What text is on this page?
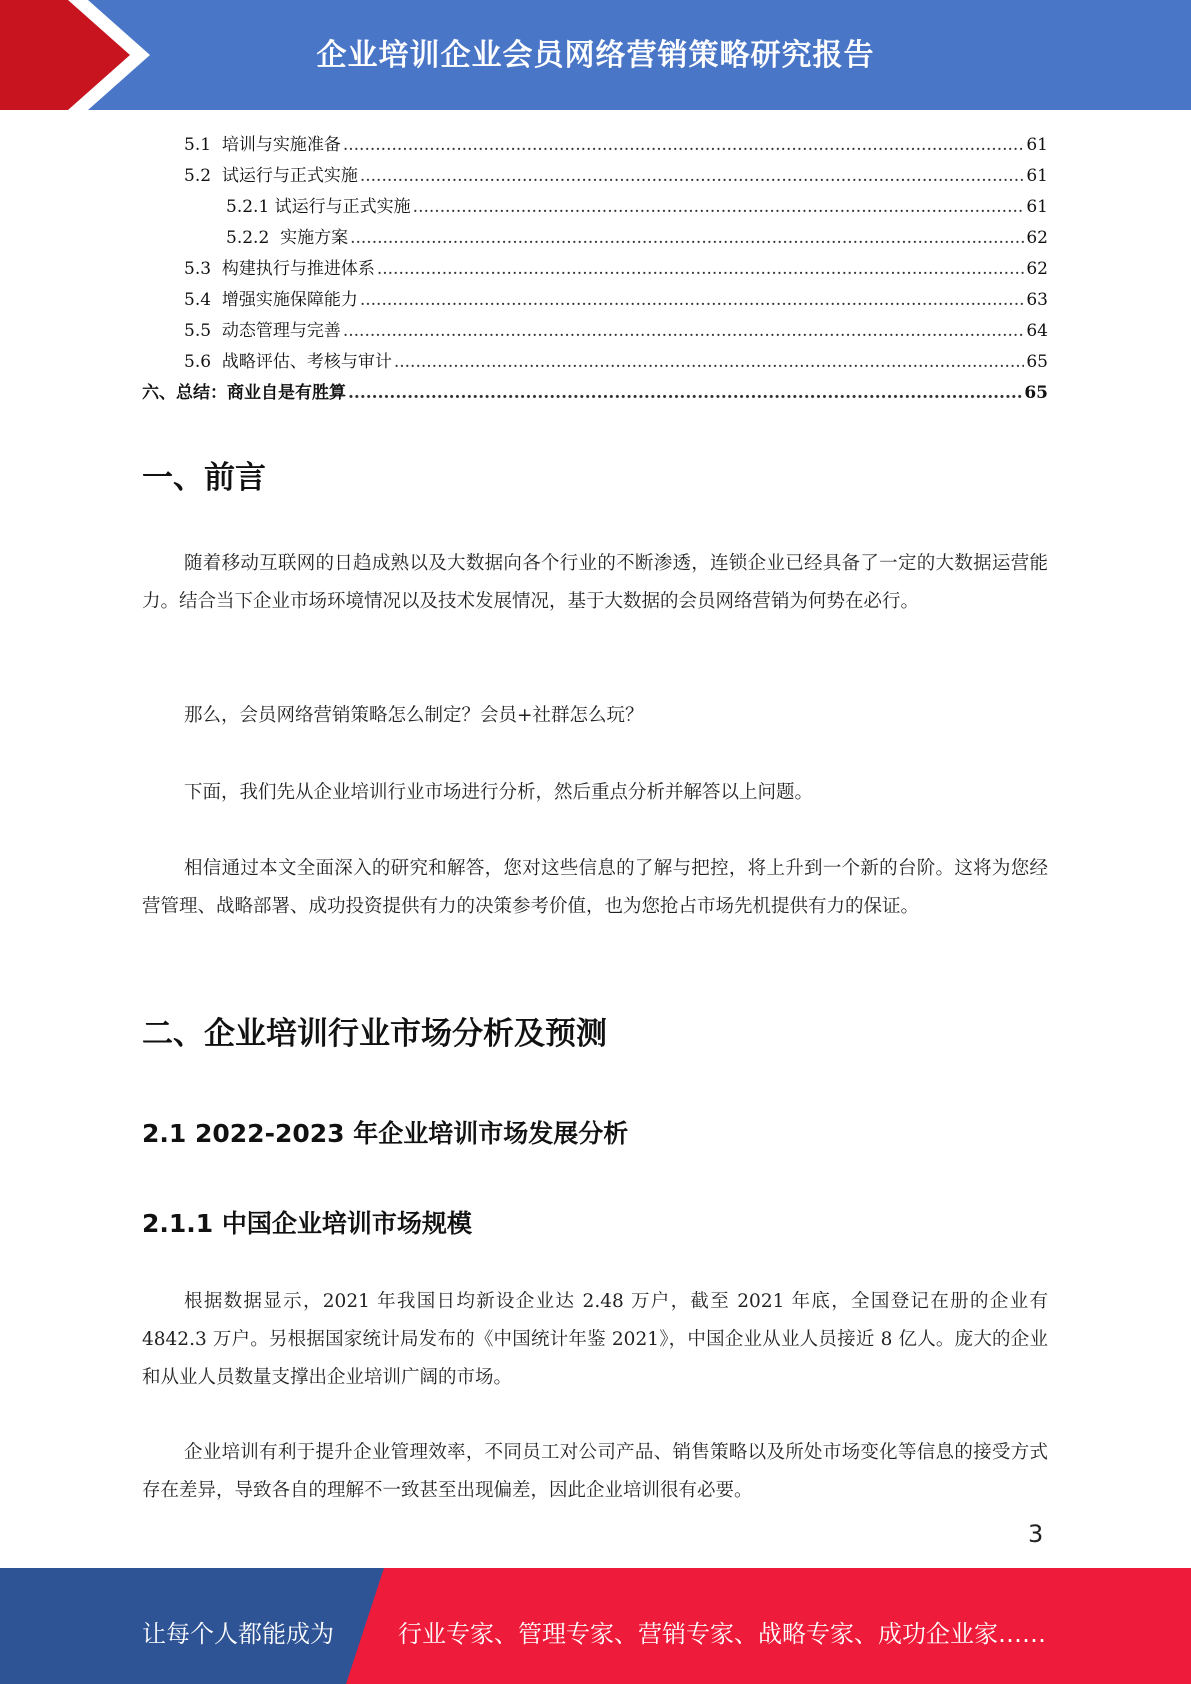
企业培训企业会员网络营销策略研究报告
5.1  培训与实施准备 .....	61
5.2  试运行与正式实施 .....	61
5.2.1 试运行与正式实施 .....	61
5.2.2  实施方案 .....	62
5.3  构建执行与推进体系 .....	62
5.4  增强实施保障能力 .....	63
5.5  动态管理与完善 .....	64
5.6  战略评估、考核与审计 .....	65
六、总结：商业自是有胜算 .....	65
一、前言

随着移动互联网的日趋成熟以及大数据向各个行业的不断渗透，连锁企业已经具备了一定的大数据运营能力。结合当下企业市场环境情况以及技术发展情况，基于大数据的会员网络营销为何势在必行。

那么，会员网络营销策略怎么制定？会员+社群怎么玩？

下面，我们先从企业培训行业市场进行分析，然后重点分析并解答以上问题。

相信通过本文全面深入的研究和解答，您对这些信息的了解与把控，将上升到一个新的台阶。这将为您经营管理、战略部署、成功投资提供有力的决策参考价值，也为您抢占市场先机提供有力的保证。

二、企业培训行业市场分析及预测
2.1 2022-2023 年企业培训市场发展分析
2.1.1 中国企业培训市场规模

根据数据显示，2021 年我国日均新设企业达 2.48 万户，截至 2021 年底，全国登记在册的企业有 4842.3 万户。另根据国家统计局发布的《中国统计年鉴 2021》，中国企业从业人员接近 8 亿人。庞大的企业和从业人员数量支撑出企业培训广阔的市场。

企业培训有利于提升企业管理效率，不同员工对公司产品、销售策略以及所处市场变化等信息的接受方式存在差异，导致各自的理解不一致甚至出现偏差，因此企业培训很有必要。

3
让每个人都能成为	行业专家、管理专家、营销专家、战略专家、成功企业家……
